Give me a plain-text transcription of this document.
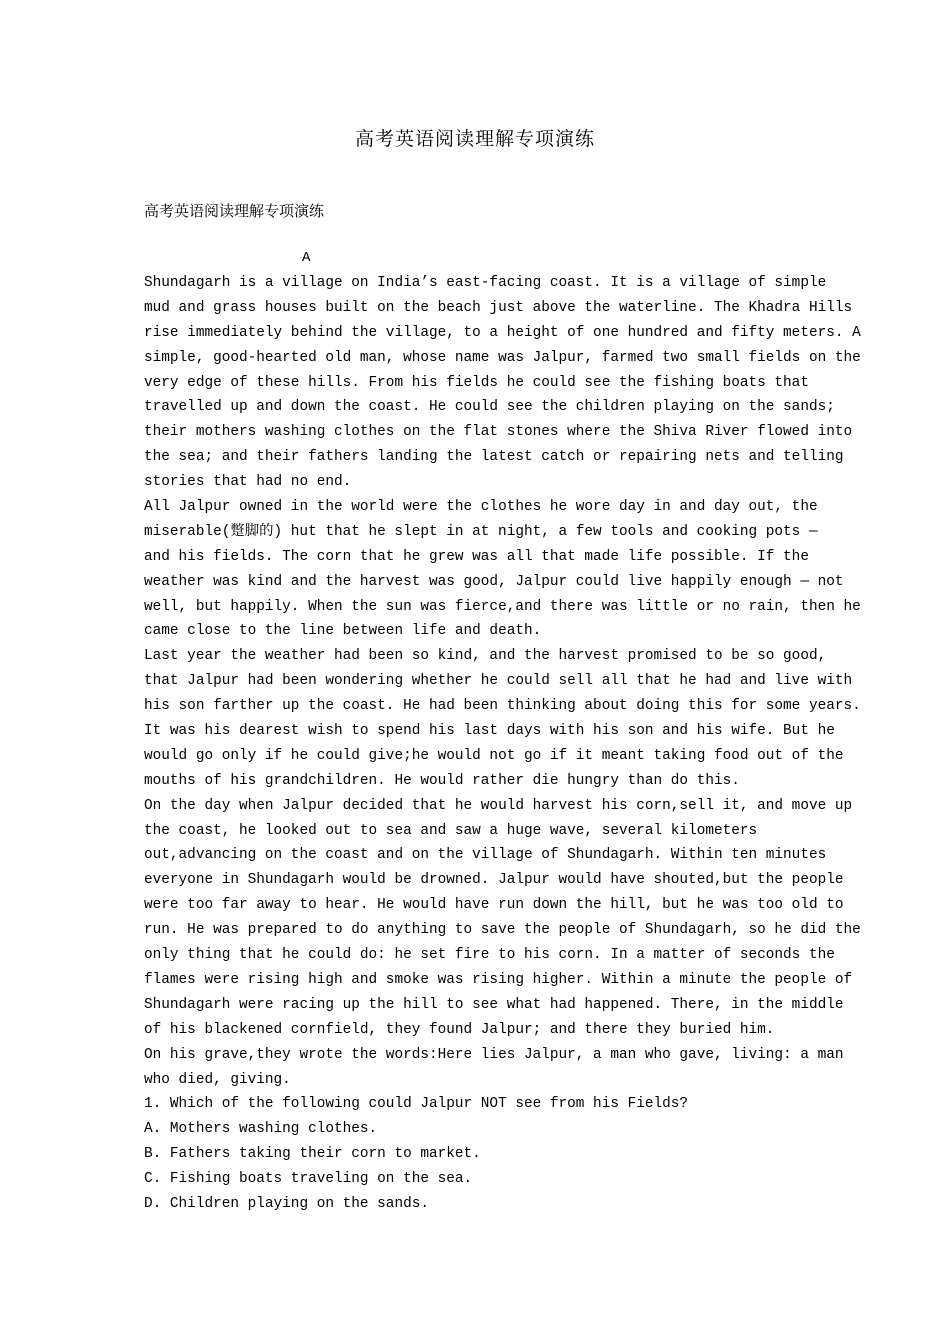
高考英语阅读理解专项演练
高考英语阅读理解专项演练
A
Shundagarh is a village on India’s east-facing coast. It is a village of simple
mud and grass houses built on the beach just above the waterline. The Khadra Hills
rise immediately behind the village, to a height of one hundred and fifty meters. A
simple, good-hearted old man, whose name was Jalpur, farmed two small fields on the
very edge of these hills. From his fields he could see the fishing boats that
travelled up and down the coast. He could see the children playing on the sands;
their mothers washing clothes on the flat stones where the Shiva River flowed into
the sea; and their fathers landing the latest catch or repairing nets and telling
stories that had no end.
All Jalpur owned in the world were the clothes he wore day in and day out, the
miserable(蹩脚的) hut that he slept in at night, a few tools and cooking pots —
and his fields. The corn that he grew was all that made life possible. If the
weather was kind and the harvest was good, Jalpur could live happily enough — not
well, but happily. When the sun was fierce,and there was little or no rain, then he
came close to the line between life and death.
Last year the weather had been so kind, and the harvest promised to be so good,
that Jalpur had been wondering whether he could sell all that he had and live with
his son farther up the coast. He had been thinking about doing this for some years.
It was his dearest wish to spend his last days with his son and his wife. But he
would go only if he could give;he would not go if it meant taking food out of the
mouths of his grandchildren. He would rather die hungry than do this.
On the day when Jalpur decided that he would harvest his corn,sell it, and move up
the coast, he looked out to sea and saw a huge wave, several kilometers
out,advancing on the coast and on the village of Shundagarh. Within ten minutes
everyone in Shundagarh would be drowned. Jalpur would have shouted,but the people
were too far away to hear. He would have run down the hill, but he was too old to
run. He was prepared to do anything to save the people of Shundagarh, so he did the
only thing that he could do: he set fire to his corn. In a matter of seconds the
flames were rising high and smoke was rising higher. Within a minute the people of
Shundagarh were racing up the hill to see what had happened. There, in the middle
of his blackened cornfield, they found Jalpur; and there they buried him.
On his grave,they wrote the words:Here lies Jalpur, a man who gave, living: a man
who died, giving.
1. Which of the following could Jalpur NOT see from his Fields?
A. Mothers washing clothes.
B. Fathers taking their corn to market.
C. Fishing boats traveling on the sea.
D. Children playing on the sands.
